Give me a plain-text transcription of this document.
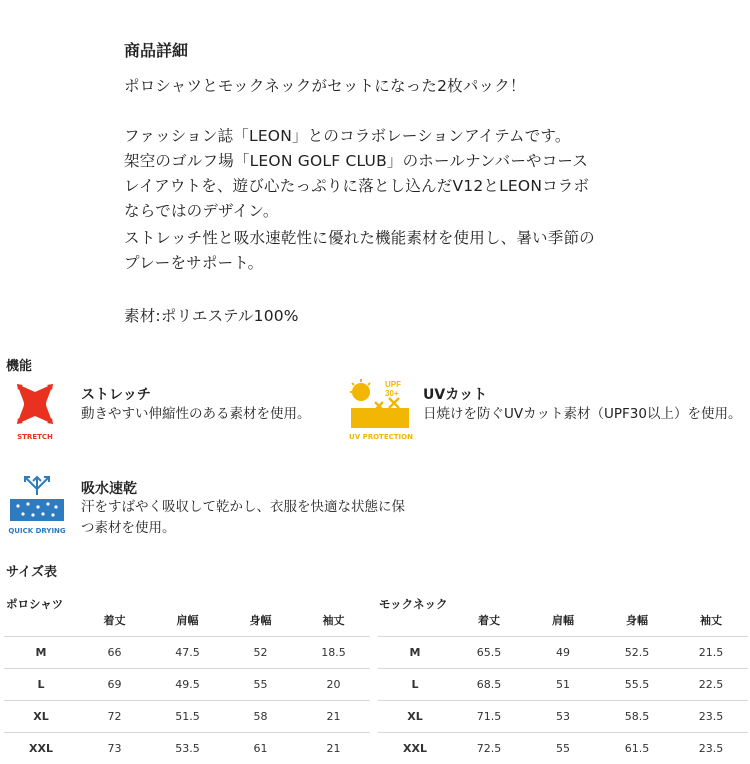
商品詳細
ポロシャツとモックネックがセットになった2枚パック！
ファッション誌「LEON」とのコラボレーションアイテムです。
架空のゴルフ場「LEON GOLF CLUB」のホールナンバーやコース
レイアウトを、遊び心たっぷりに落とし込んだV12とLEONコラボ
ならではのデザイン。
ストレッチ性と吸水速乾性に優れた機能素材を使用し、暑い季節の
プレーをサポート。
素材:ポリエステル100%
機能
STRETCH
ストレッチ
動きやすい伸縮性のある素材を使用。
UPF
30+
UV PROTECTION
UVカット
日焼けを防ぐUVカット素材（UPF30以上）を使用。
QUICK DRYING
吸水速乾
汗をすばやく吸収して乾かし、衣服を快適な状態に保
つ素材を使用。
サイズ表
ポロシャツ
	着丈	肩幅	身幅	袖丈
M	66	47.5	52	18.5
L	69	49.5	55	20
XL	72	51.5	58	21
XXL	73	53.5	61	21
モックネック
	着丈	肩幅	身幅	袖丈
M	65.5	49	52.5	21.5
L	68.5	51	55.5	22.5
XL	71.5	53	58.5	23.5
XXL	72.5	55	61.5	23.5
